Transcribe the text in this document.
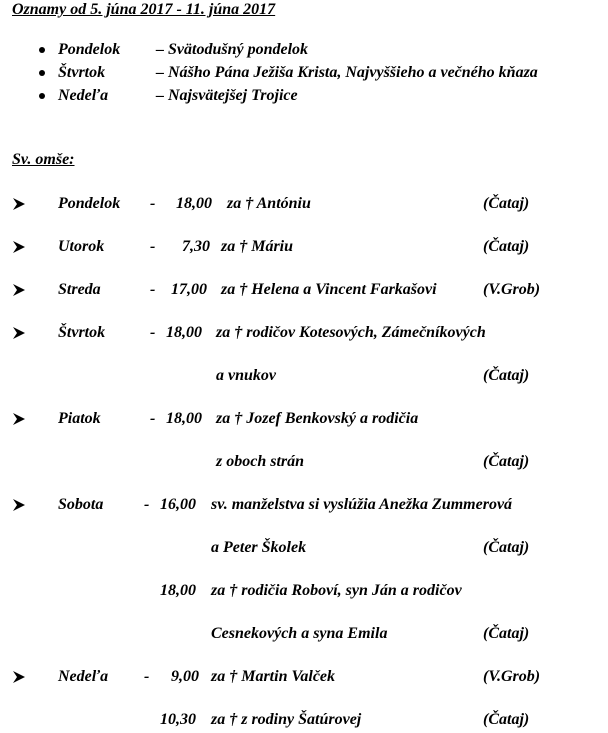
Oznamy od 5. júna 2017 - 11. júna 2017
Pondelok – Svätodušný pondelok
Štvrtok	– Nášho Pána Ježiša Krista, Najvyššieho a večného kňaza
Nedeľa	– Najsvätejšej Trojice
Sv. omše:
Pondelok - 18,00 za † Antóniu	(Čataj)
Utorok	- 7,30 za † Máriu	(Čataj)
Streda	- 17,00 za † Helena a Vincent Farkašovi	(V.Grob)
Štvrtok	- 18,00 za † rodičov Kotesových, Zámečníkových
a vnukov	(Čataj)
Piatok	- 18,00 za † Jozef Benkovský a rodičia
z oboch strán	(Čataj)
Sobota	- 16,00 sv. manželstva si vyslúžia Anežka Zummerová
a Peter Školek	(Čataj)
18,00 za † rodičia Roboví, syn Ján a rodičov
Cesnekových a syna Emila	(Čataj)
Nedeľa - 9,00 za † Martin Valček	(V.Grob)
10,30 za † z rodiny Šatúrovej	(Čataj)
